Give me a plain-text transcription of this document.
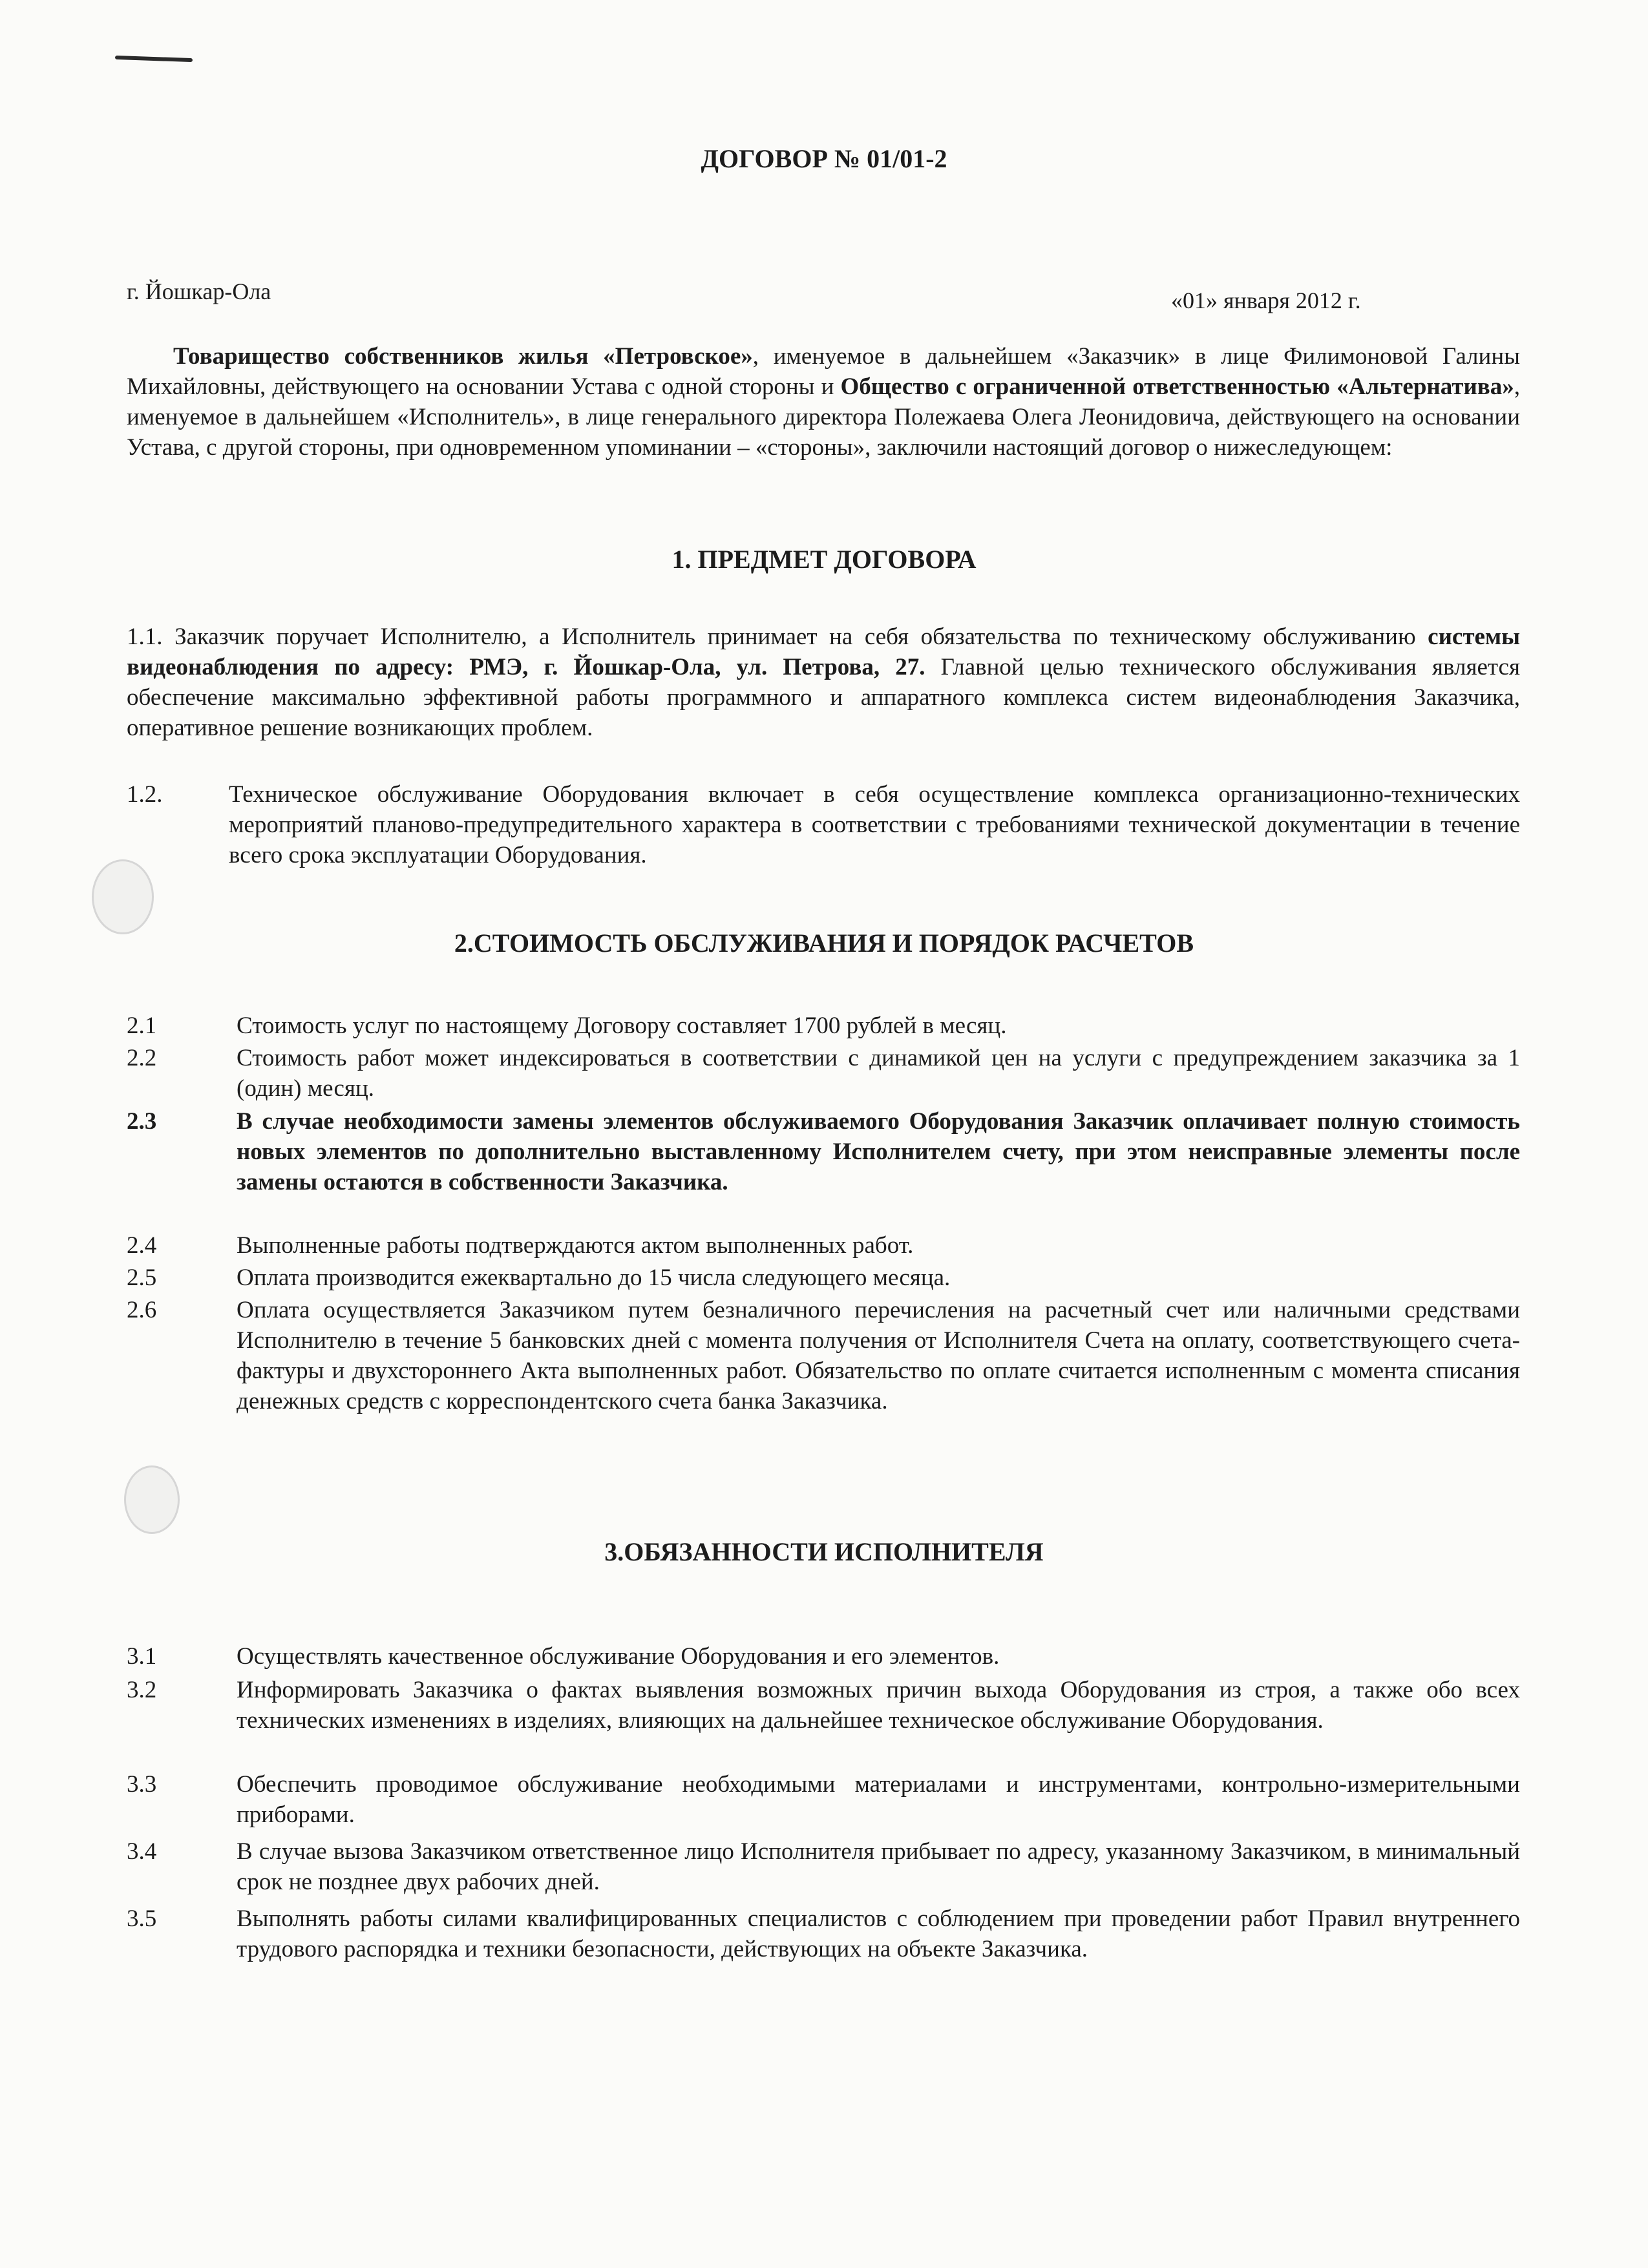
ДОГОВОР № 01/01-2
г. Йошкар-Ола	«01» января 2012 г.
Товарищество собственников жилья «Петровское», именуемое в дальнейшем «Заказчик» в лице Филимоновой Галины Михайловны, действующего на основании Устава с одной стороны и Общество с ограниченной ответственностью «Альтернатива», именуемое в дальнейшем «Исполнитель», в лице генерального директора Полежаева Олега Леонидовича, действующего на основании Устава, с другой стороны, при одновременном упоминании – «стороны», заключили настоящий договор о нижеследующем:
1. ПРЕДМЕТ ДОГОВОРА
1.1. Заказчик поручает Исполнителю, а Исполнитель принимает на себя обязательства по техническому обслуживанию системы видеонаблюдения по адресу: РМЭ, г. Йошкар-Ола, ул. Петрова, 27. Главной целью технического обслуживания является обеспечение максимально эффективной работы программного и аппаратного комплекса систем видеонаблюдения Заказчика, оперативное решение возникающих проблем.
1.2.	Техническое обслуживание Оборудования включает в себя осуществление комплекса организационно-технических мероприятий планово-предупредительного характера в соответствии с требованиями технической документации в течение всего срока эксплуатации Оборудования.
2.СТОИМОСТЬ ОБСЛУЖИВАНИЯ И ПОРЯДОК РАСЧЕТОВ
2.1	Стоимость услуг по настоящему Договору составляет 1700 рублей в месяц.
2.2	Стоимость работ может индексироваться в соответствии с динамикой цен на услуги с предупреждением заказчика за 1 (один) месяц.
2.3	В случае необходимости замены элементов обслуживаемого Оборудования Заказчик оплачивает полную стоимость новых элементов по дополнительно выставленному Исполнителем счету, при этом неисправные элементы после замены остаются в собственности Заказчика.
2.4	Выполненные работы подтверждаются актом выполненных работ.
2.5	Оплата производится ежеквартально до 15 числа следующего месяца.
2.6	Оплата осуществляется Заказчиком путем безналичного перечисления на расчетный счет или наличными средствами Исполнителю в течение 5 банковских дней с момента получения от Исполнителя Счета на оплату, соответствующего счета-фактуры и двухстороннего Акта выполненных работ. Обязательство по оплате считается исполненным с момента списания денежных средств с корреспондентского счета банка Заказчика.
3.ОБЯЗАННОСТИ ИСПОЛНИТЕЛЯ
3.1	Осуществлять качественное обслуживание Оборудования и его элементов.
3.2	Информировать Заказчика о фактах выявления возможных причин выхода Оборудования из строя, а также обо всех технических изменениях в изделиях, влияющих на дальнейшее техническое обслуживание Оборудования.
3.3	Обеспечить проводимое обслуживание необходимыми материалами и инструментами, контрольно-измерительными приборами.
3.4	В случае вызова Заказчиком ответственное лицо Исполнителя прибывает по адресу, указанному Заказчиком, в минимальный срок не позднее двух рабочих дней.
3.5	Выполнять работы силами квалифицированных специалистов с соблюдением при проведении работ Правил внутреннего трудового распорядка и техники безопасности, действующих на объекте Заказчика.
